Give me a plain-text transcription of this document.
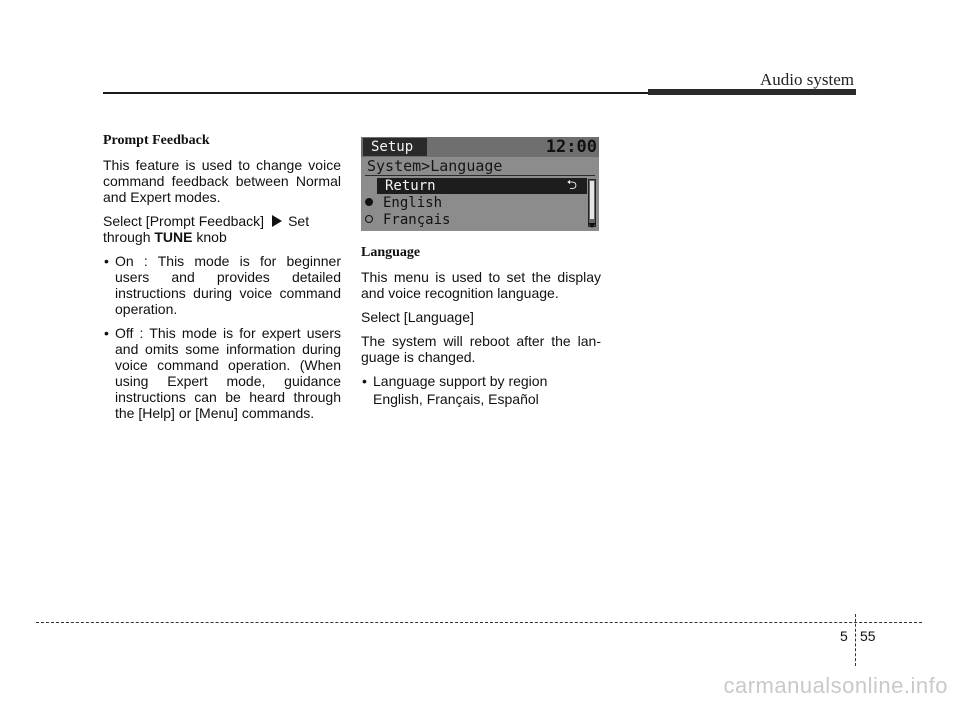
Audio system

Prompt Feedback

This feature is used to change voice command feedback between Normal and Expert modes.

Select [Prompt Feedback] Set
through TUNE knob

• On : This mode is for beginner users and provides detailed instructions during voice command operation.
• Off : This mode is for expert users and omits some information during voice command operation. (When using Expert mode, guidance instructions can be heard through the [Help] or [Menu] commands.
Setup	12:00
System>Language
Return	⮌
English
Français

Language

This menu is used to set the display and voice recognition language.

Select [Language]

The system will reboot after the lan- guage is changed.

• Language support by region

English, Français, Español

5 55
carmanualsonline.info
